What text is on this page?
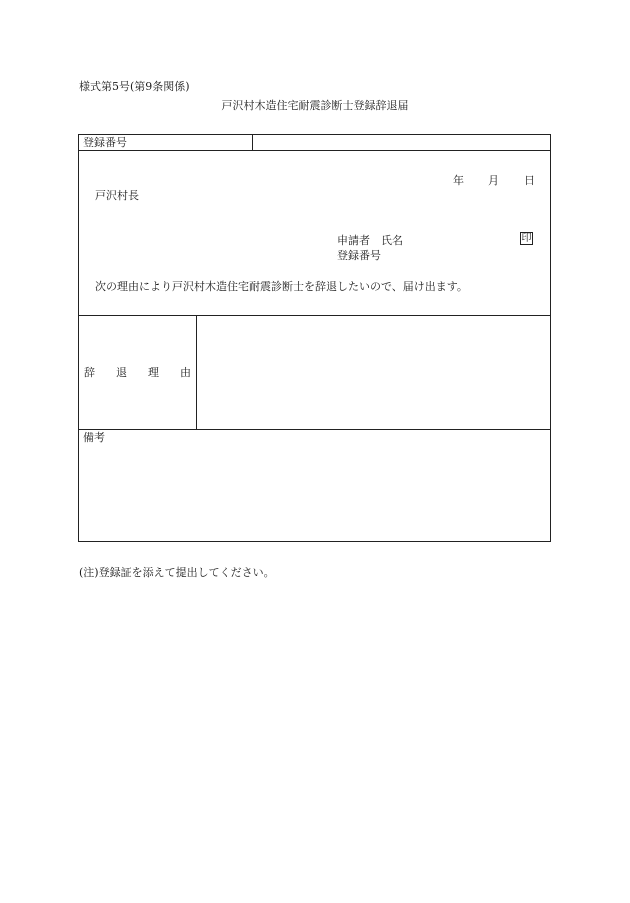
様式第5号(第9条関係)
戸沢村木造住宅耐震診断士登録辞退届
登録番号
年 月 日
戸沢村長
申請者　氏名	印
登録番号
次の理由により戸沢村木造住宅耐震診断士を辞退したいので、届け出ます。
辞 退 理 由
備考
(注)登録証を添えて提出してください。
